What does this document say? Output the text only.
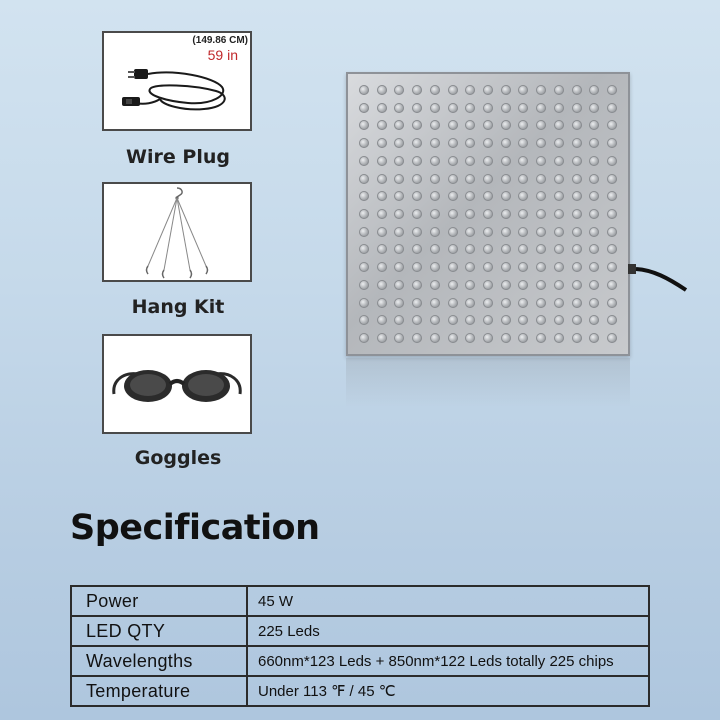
(149.86 CM)
59 in
Wire Plug
Hang Kit
Goggles
Specification
Power	45 W
LED QTY	225 Leds
Wavelengths	660nm*123 Leds + 850nm*122 Leds totally 225 chips
Temperature	Under 113 ℉ / 45 ℃
